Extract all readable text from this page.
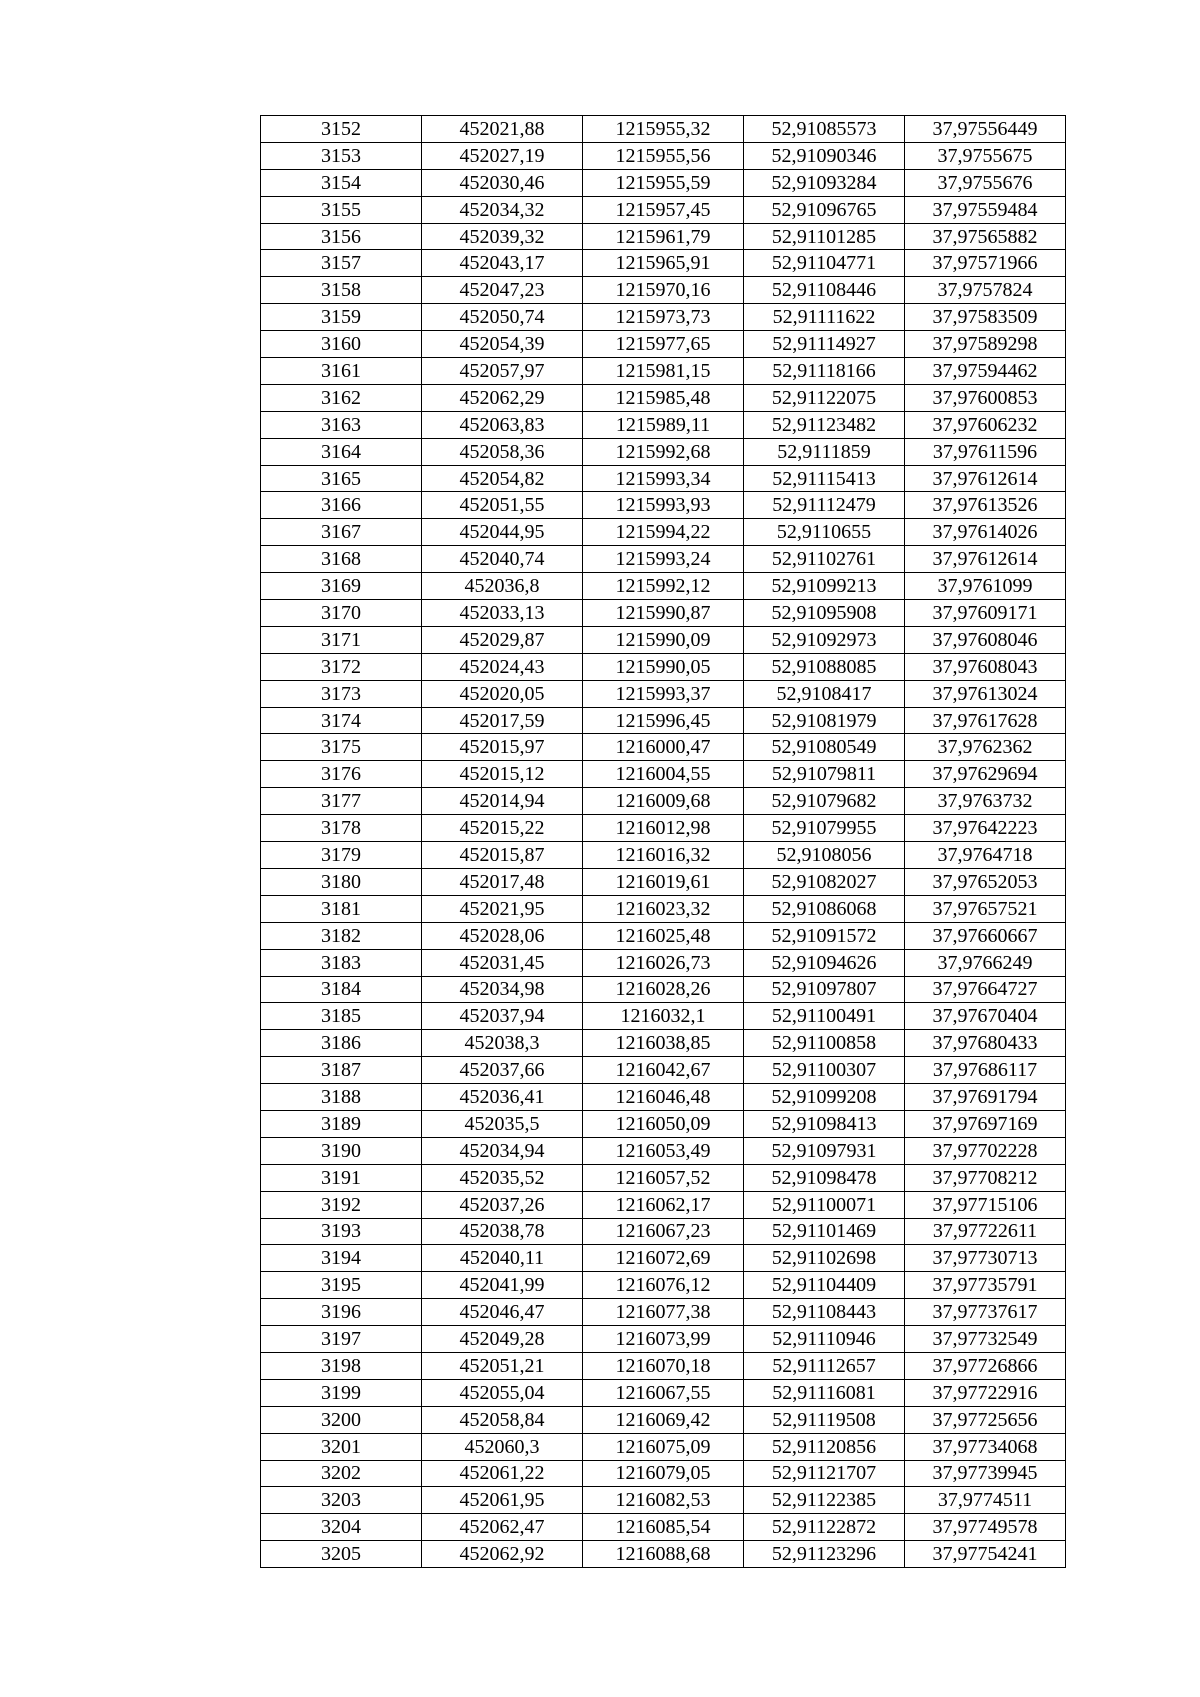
3152	452021,88	1215955,32	52,91085573	37,97556449
3153	452027,19	1215955,56	52,91090346	37,9755675
3154	452030,46	1215955,59	52,91093284	37,9755676
3155	452034,32	1215957,45	52,91096765	37,97559484
3156	452039,32	1215961,79	52,91101285	37,97565882
3157	452043,17	1215965,91	52,91104771	37,97571966
3158	452047,23	1215970,16	52,91108446	37,9757824
3159	452050,74	1215973,73	52,91111622	37,97583509
3160	452054,39	1215977,65	52,91114927	37,97589298
3161	452057,97	1215981,15	52,91118166	37,97594462
3162	452062,29	1215985,48	52,91122075	37,97600853
3163	452063,83	1215989,11	52,91123482	37,97606232
3164	452058,36	1215992,68	52,9111859	37,97611596
3165	452054,82	1215993,34	52,91115413	37,97612614
3166	452051,55	1215993,93	52,91112479	37,97613526
3167	452044,95	1215994,22	52,9110655	37,97614026
3168	452040,74	1215993,24	52,91102761	37,97612614
3169	452036,8	1215992,12	52,91099213	37,9761099
3170	452033,13	1215990,87	52,91095908	37,97609171
3171	452029,87	1215990,09	52,91092973	37,97608046
3172	452024,43	1215990,05	52,91088085	37,97608043
3173	452020,05	1215993,37	52,9108417	37,97613024
3174	452017,59	1215996,45	52,91081979	37,97617628
3175	452015,97	1216000,47	52,91080549	37,9762362
3176	452015,12	1216004,55	52,91079811	37,97629694
3177	452014,94	1216009,68	52,91079682	37,9763732
3178	452015,22	1216012,98	52,91079955	37,97642223
3179	452015,87	1216016,32	52,9108056	37,9764718
3180	452017,48	1216019,61	52,91082027	37,97652053
3181	452021,95	1216023,32	52,91086068	37,97657521
3182	452028,06	1216025,48	52,91091572	37,97660667
3183	452031,45	1216026,73	52,91094626	37,9766249
3184	452034,98	1216028,26	52,91097807	37,97664727
3185	452037,94	1216032,1	52,91100491	37,97670404
3186	452038,3	1216038,85	52,91100858	37,97680433
3187	452037,66	1216042,67	52,91100307	37,97686117
3188	452036,41	1216046,48	52,91099208	37,97691794
3189	452035,5	1216050,09	52,91098413	37,97697169
3190	452034,94	1216053,49	52,91097931	37,97702228
3191	452035,52	1216057,52	52,91098478	37,97708212
3192	452037,26	1216062,17	52,91100071	37,97715106
3193	452038,78	1216067,23	52,91101469	37,97722611
3194	452040,11	1216072,69	52,91102698	37,97730713
3195	452041,99	1216076,12	52,91104409	37,97735791
3196	452046,47	1216077,38	52,91108443	37,97737617
3197	452049,28	1216073,99	52,91110946	37,97732549
3198	452051,21	1216070,18	52,91112657	37,97726866
3199	452055,04	1216067,55	52,91116081	37,97722916
3200	452058,84	1216069,42	52,91119508	37,97725656
3201	452060,3	1216075,09	52,91120856	37,97734068
3202	452061,22	1216079,05	52,91121707	37,97739945
3203	452061,95	1216082,53	52,91122385	37,9774511
3204	452062,47	1216085,54	52,91122872	37,97749578
3205	452062,92	1216088,68	52,91123296	37,97754241
